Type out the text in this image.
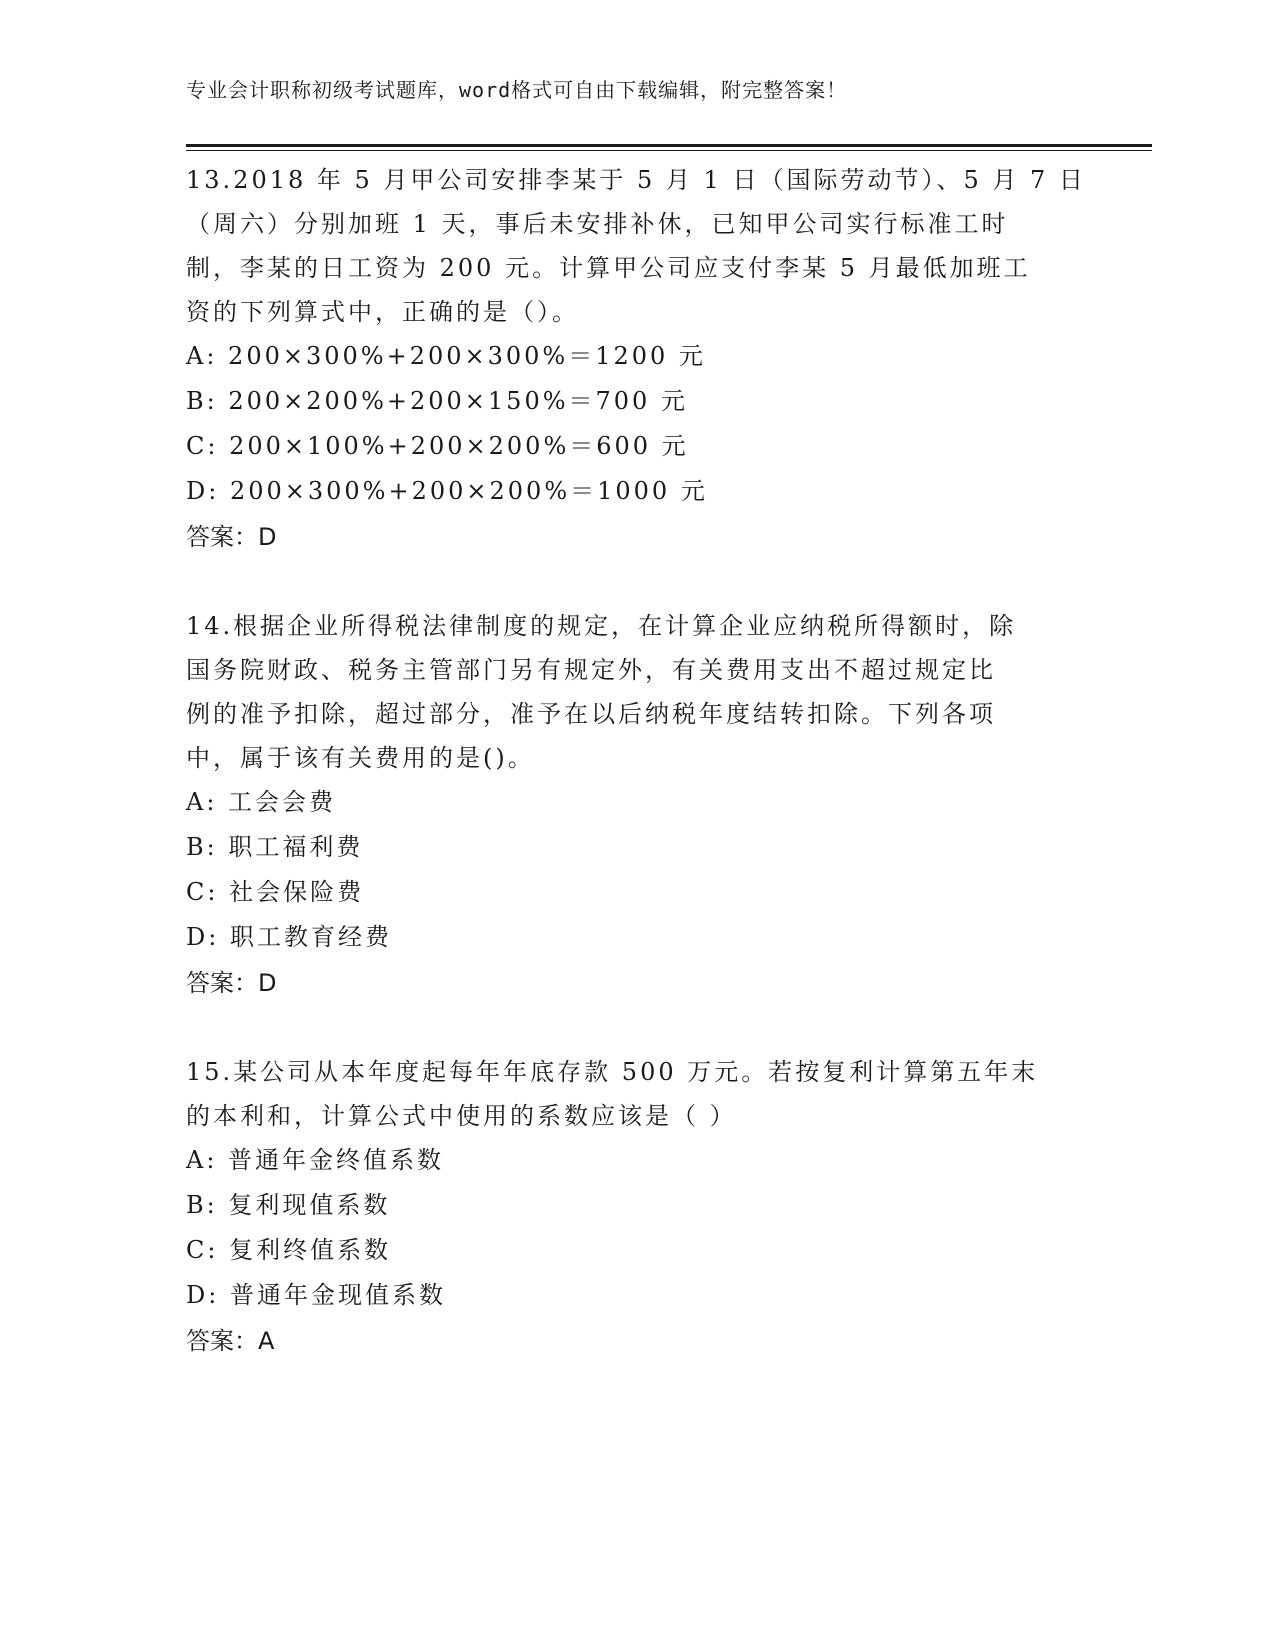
专业会计职称初级考试题库，word格式可自由下载编辑，附完整答案！

13.2018 年 5 月甲公司安排李某于 5 月 1 日（国际劳动节）、5 月 7 日
（周六）分别加班 1 天，事后未安排补休，已知甲公司实行标准工时
制，李某的日工资为 200 元。计算甲公司应支付李某 5 月最低加班工
资的下列算式中，正确的是（）。

A: 200×300%+200×300%＝1200 元

B: 200×200%+200×150%＝700 元

C: 200×100%+200×200%＝600 元

D: 200×300%+200×200%＝1000 元

答案：D

14.根据企业所得税法律制度的规定，在计算企业应纳税所得额时，除
国务院财政、税务主管部门另有规定外，有关费用支出不超过规定比
例的准予扣除，超过部分，准予在以后纳税年度结转扣除。下列各项
中，属于该有关费用的是()。

A: 工会会费

B: 职工福利费

C: 社会保险费

D: 职工教育经费

答案：D

15.某公司从本年度起每年年底存款 500 万元。若按复利计算第五年末
的本利和，计算公式中使用的系数应该是（ ）

A: 普通年金终值系数

B: 复利现值系数

C: 复利终值系数

D: 普通年金现值系数

答案：A
